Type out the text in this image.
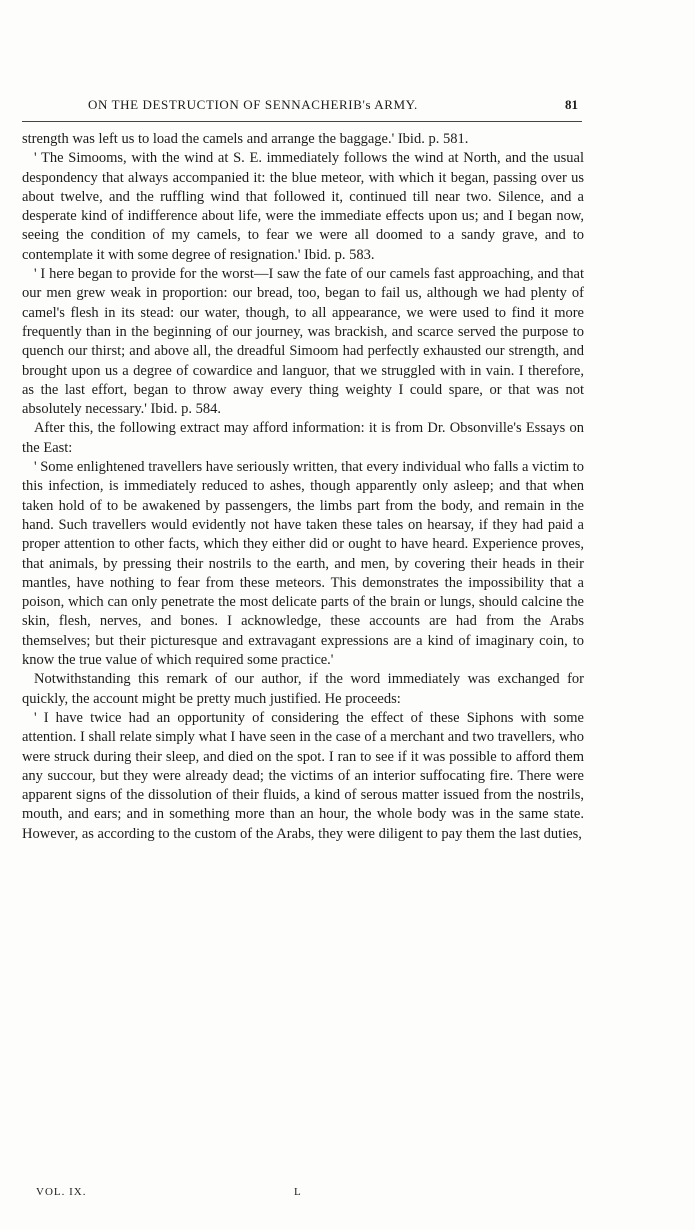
ON THE DESTRUCTION OF SENNACHERIB's ARMY.	81

strength was left us to load the camels and arrange the baggage.' Ibid. p. 581.

' The Simooms, with the wind at S. E. immediately follows the wind at North, and the usual despondency that always accompanied it: the blue meteor, with which it began, passing over us about twelve, and the ruffling wind that followed it, continued till near two. Silence, and a desperate kind of indifference about life, were the immediate effects upon us; and I began now, seeing the condition of my camels, to fear we were all doomed to a sandy grave, and to contemplate it with some degree of resignation.' Ibid. p. 583.

' I here began to provide for the worst—I saw the fate of our camels fast approaching, and that our men grew weak in proportion: our bread, too, began to fail us, although we had plenty of camel's flesh in its stead: our water, though, to all appearance, we were used to find it more frequently than in the beginning of our journey, was brackish, and scarce served the purpose to quench our thirst; and above all, the dreadful Simoom had perfectly exhausted our strength, and brought upon us a degree of cowardice and languor, that we struggled with in vain. I therefore, as the last effort, began to throw away every thing weighty I could spare, or that was not absolutely necessary.' Ibid. p. 584.

After this, the following extract may afford information: it is from Dr. Obsonville's Essays on the East:

' Some enlightened travellers have seriously written, that every individual who falls a victim to this infection, is immediately reduced to ashes, though apparently only asleep; and that when taken hold of to be awakened by passengers, the limbs part from the body, and remain in the hand. Such travellers would evidently not have taken these tales on hearsay, if they had paid a proper attention to other facts, which they either did or ought to have heard. Experience proves, that animals, by pressing their nostrils to the earth, and men, by covering their heads in their mantles, have nothing to fear from these meteors. This demonstrates the impossibility that a poison, which can only penetrate the most delicate parts of the brain or lungs, should calcine the skin, flesh, nerves, and bones. I acknowledge, these accounts are had from the Arabs themselves; but their picturesque and extravagant expressions are a kind of imaginary coin, to know the true value of which required some practice.'

Notwithstanding this remark of our author, if the word immediately was exchanged for quickly, the account might be pretty much justified. He proceeds:

' I have twice had an opportunity of considering the effect of these Siphons with some attention. I shall relate simply what I have seen in the case of a merchant and two travellers, who were struck during their sleep, and died on the spot. I ran to see if it was possible to afford them any succour, but they were already dead; the victims of an interior suffocating fire. There were apparent signs of the dissolution of their fluids, a kind of serous matter issued from the nostrils, mouth, and ears; and in something more than an hour, the whole body was in the same state. However, as according to the custom of the Arabs, they were diligent to pay them the last duties,

VOL. IX.	L
